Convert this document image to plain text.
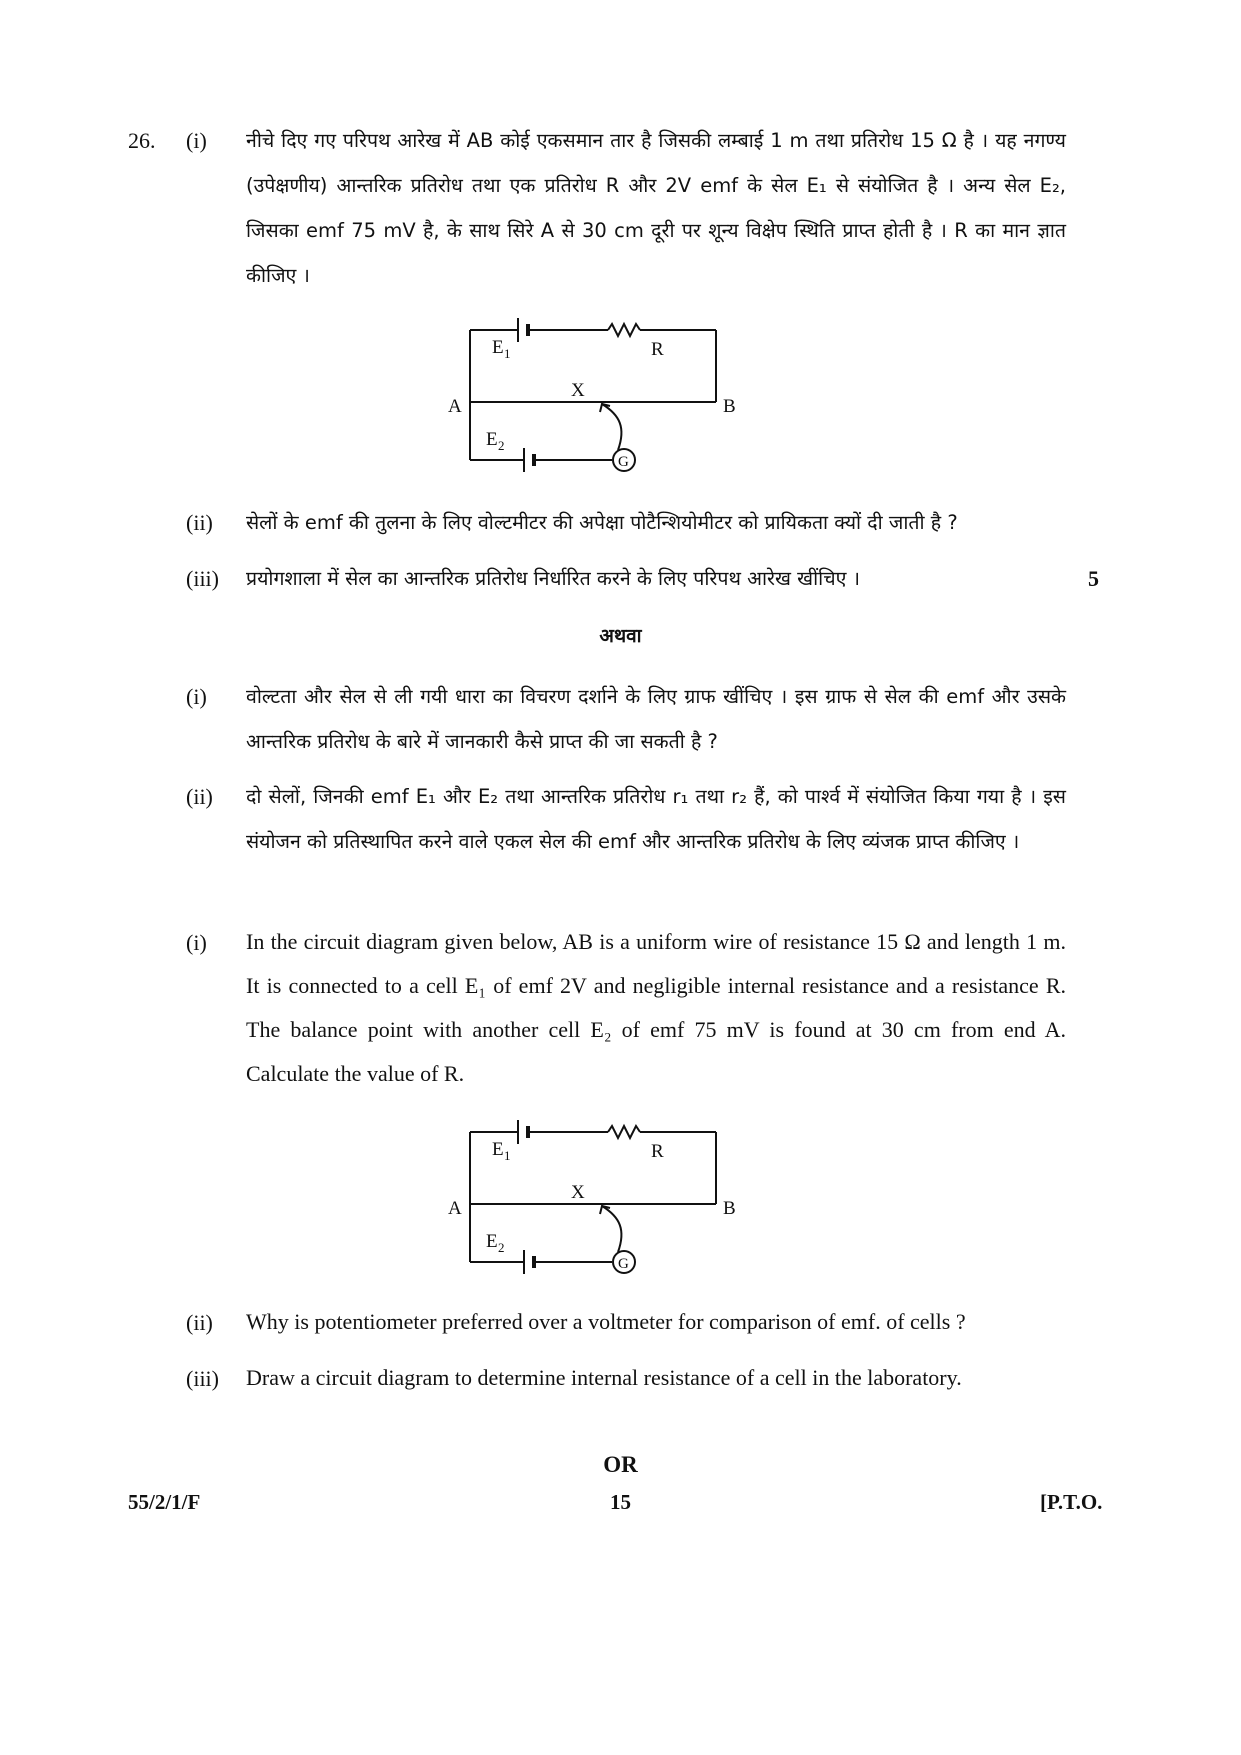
26. (i) नीचे दिए गए परिपथ आरेख में AB कोई एकसमान तार है जिसकी लम्बाई 1 m तथा प्रतिरोध 15 Ω है । यह नगण्य (उपेक्षणीय) आन्तरिक प्रतिरोध तथा एक प्रतिरोध R और 2V emf के सेल E₁ से संयोजित है । अन्य सेल E₂, जिसका emf 75 mV है, के साथ सिरे A से 30 cm दूरी पर शून्य विक्षेप स्थिति प्राप्त होती है । R का मान ज्ञात कीजिए ।
E 1	R
X
A	B
E 2
G
(ii) सेलों के emf की तुलना के लिए वोल्टमीटर की अपेक्षा पोटैन्शियोमीटर को प्रायिकता क्यों दी जाती है ?
(iii) प्रयोगशाला में सेल का आन्तरिक प्रतिरोध निर्धारित करने के लिए परिपथ आरेख खींचिए ।	5
अथवा
(i) वोल्टता और सेल से ली गयी धारा का विचरण दर्शाने के लिए ग्राफ खींचिए । इस ग्राफ से सेल की emf और उसके आन्तरिक प्रतिरोध के बारे में जानकारी कैसे प्राप्त की जा सकती है ?
(ii) दो सेलों, जिनकी emf E₁ और E₂ तथा आन्तरिक प्रतिरोध r₁ तथा r₂ हैं, को पार्श्व में संयोजित किया गया है । इस संयोजन को प्रतिस्थापित करने वाले एकल सेल की emf और आन्तरिक प्रतिरोध के लिए व्यंजक प्राप्त कीजिए ।
(i) In the circuit diagram given below, AB is a uniform wire of resistance 15 Ω and length 1 m. It is connected to a cell E₁ of emf 2V and negligible internal resistance and a resistance R. The balance point with another cell E₂ of emf 75 mV is found at 30 cm from end A. Calculate the value of R.
E 1	R
X
A	B
E 2
G
(ii) Why is potentiometer preferred over a voltmeter for comparison of emf. of cells ?
(iii) Draw a circuit diagram to determine internal resistance of a cell in the laboratory.
OR
55/2/1/F	15	[P.T.O.
